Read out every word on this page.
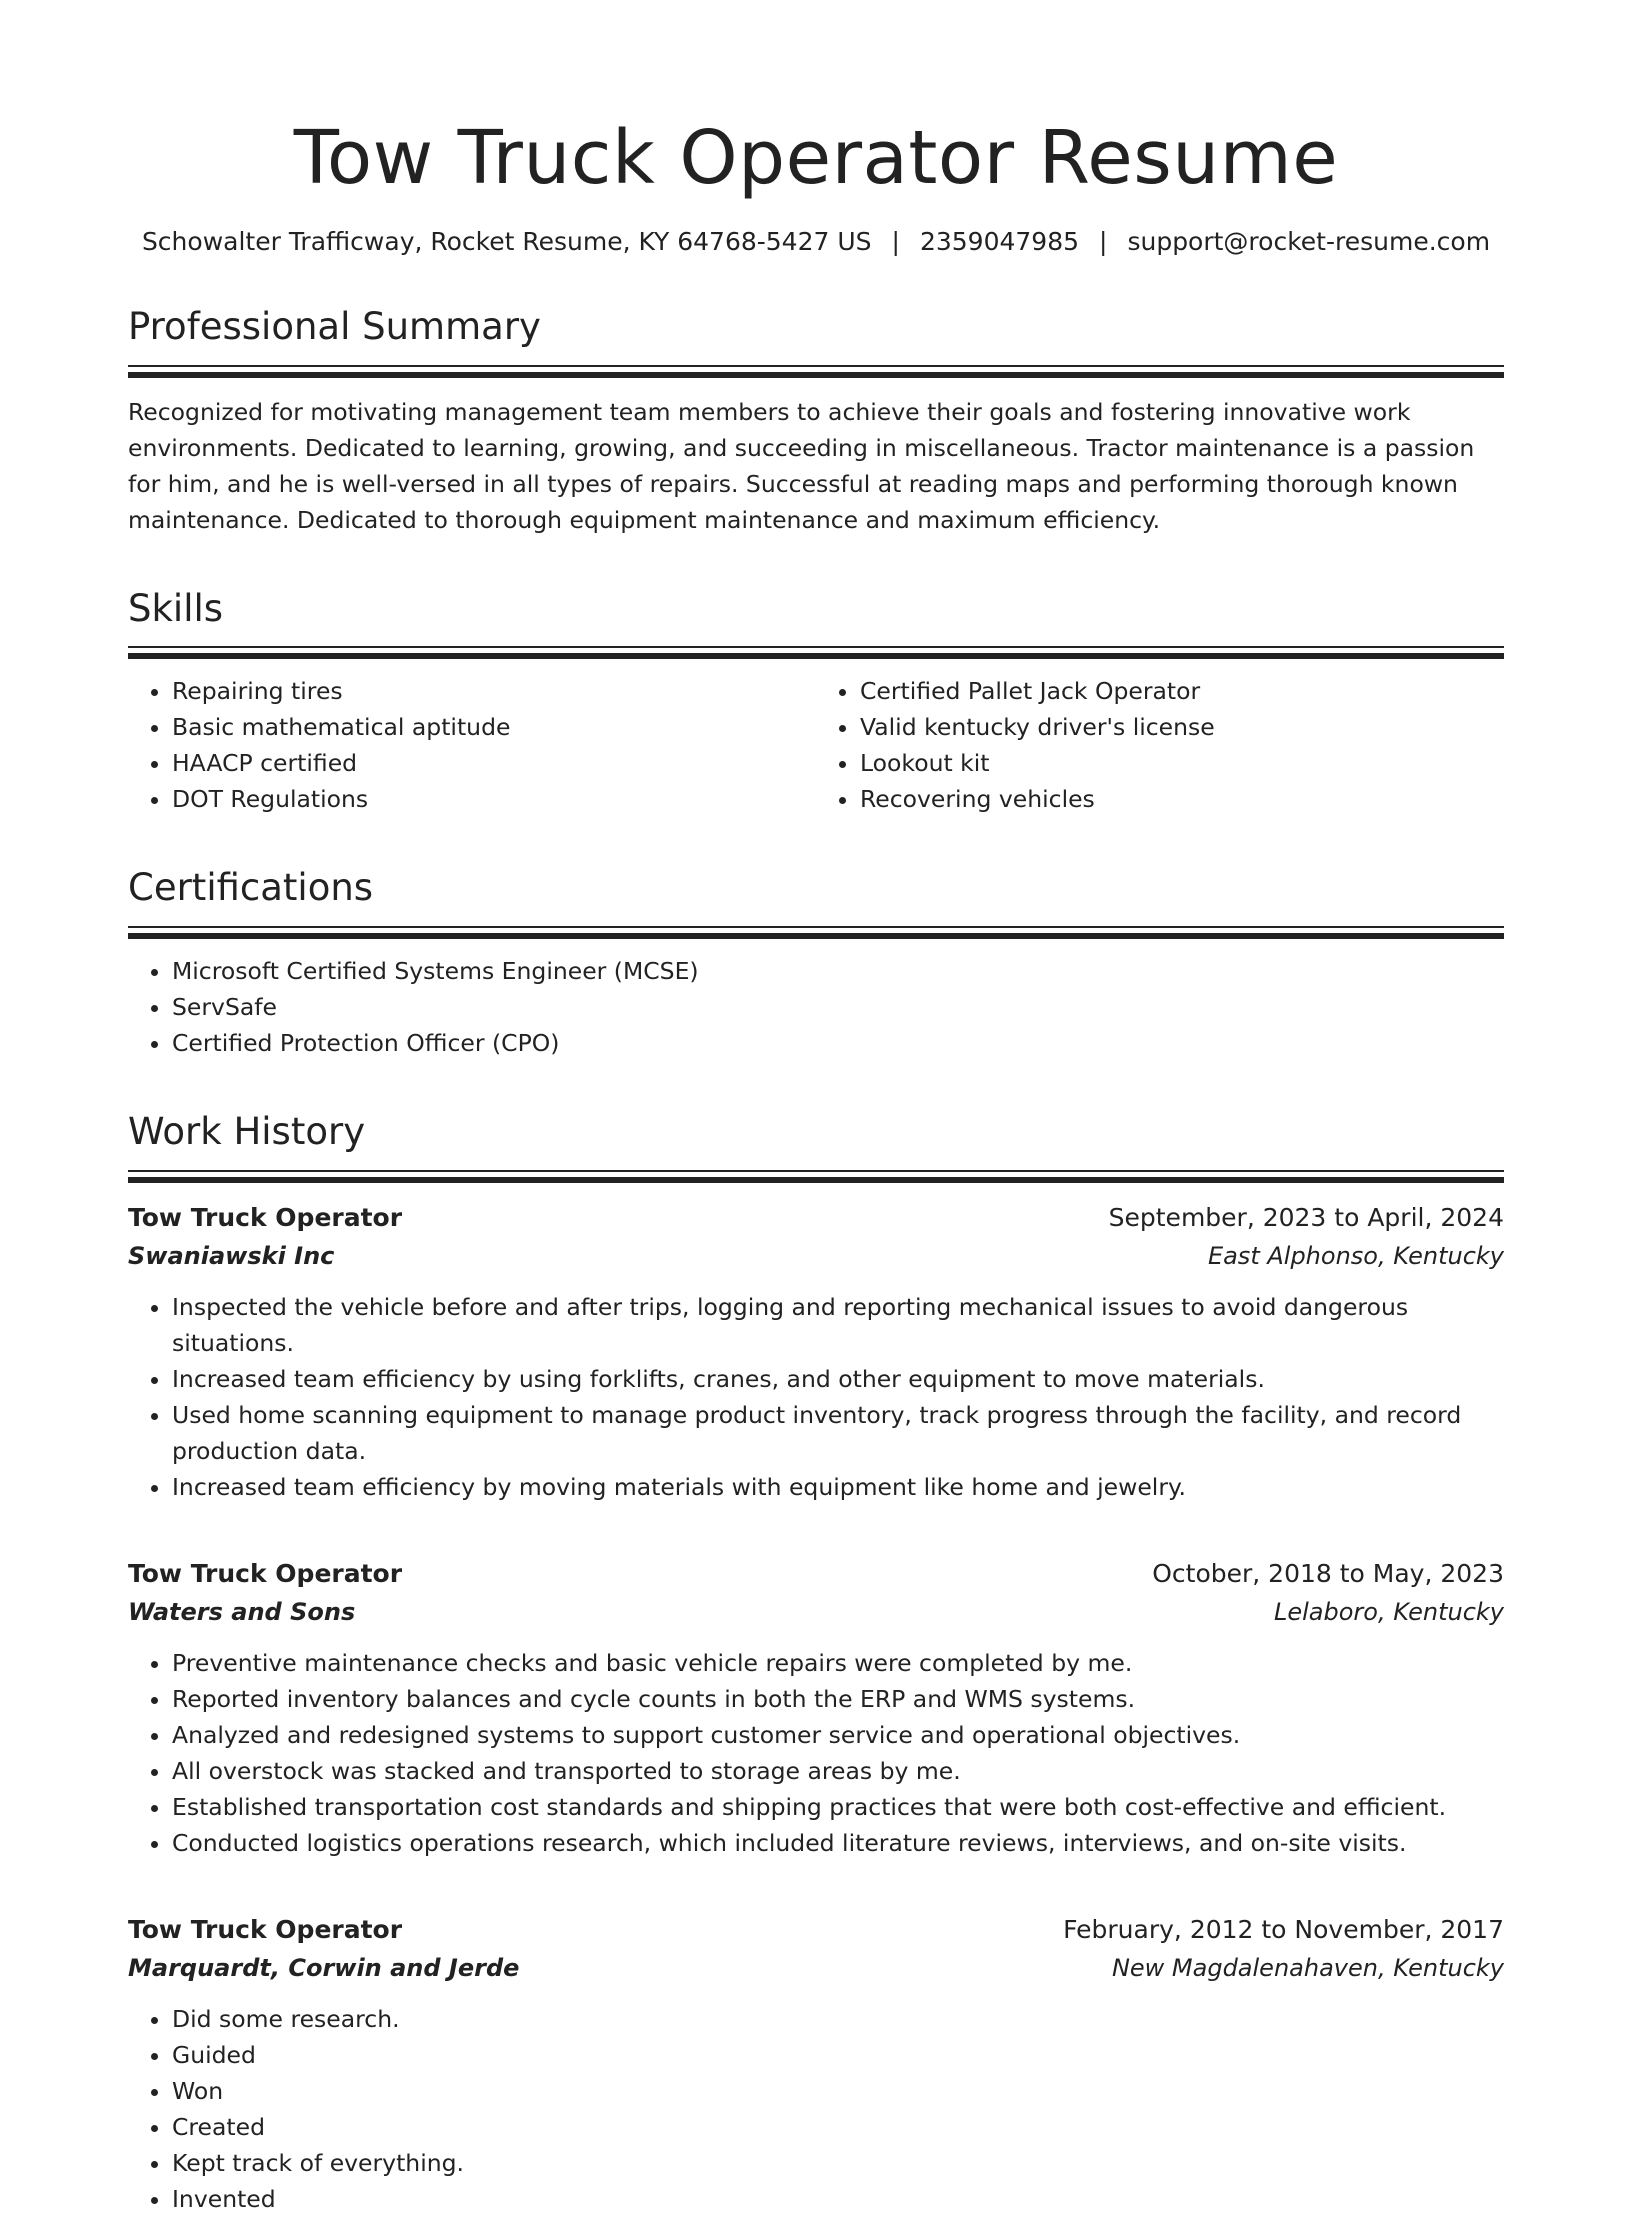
Tow Truck Operator Resume
Schowalter Trafficway, Rocket Resume, KY 64768-5427 US | 2359047985 | support@rocket-resume.com
Professional Summary
Recognized for motivating management team members to achieve their goals and fostering innovative work environments. Dedicated to learning, growing, and succeeding in miscellaneous. Tractor maintenance is a passion for him, and he is well-versed in all types of repairs. Successful at reading maps and performing thorough known maintenance. Dedicated to thorough equipment maintenance and maximum efficiency.
Skills
• Repairing tires
• Basic mathematical aptitude
• HAACP certified
• DOT Regulations
• Certified Pallet Jack Operator
• Valid kentucky driver's license
• Lookout kit
• Recovering vehicles
Certifications
• Microsoft Certified Systems Engineer (MCSE)
• ServSafe
• Certified Protection Officer (CPO)
Work History
Tow Truck Operator	September, 2023 to April, 2024
Swaniawski Inc	East Alphonso, Kentucky
• Inspected the vehicle before and after trips, logging and reporting mechanical issues to avoid dangerous situations.
• Increased team efficiency by using forklifts, cranes, and other equipment to move materials.
• Used home scanning equipment to manage product inventory, track progress through the facility, and record production data.
• Increased team efficiency by moving materials with equipment like home and jewelry.
Tow Truck Operator	October, 2018 to May, 2023
Waters and Sons	Lelaboro, Kentucky
• Preventive maintenance checks and basic vehicle repairs were completed by me.
• Reported inventory balances and cycle counts in both the ERP and WMS systems.
• Analyzed and redesigned systems to support customer service and operational objectives.
• All overstock was stacked and transported to storage areas by me.
• Established transportation cost standards and shipping practices that were both cost-effective and efficient.
• Conducted logistics operations research, which included literature reviews, interviews, and on-site visits.
Tow Truck Operator	February, 2012 to November, 2017
Marquardt, Corwin and Jerde	New Magdalenahaven, Kentucky
• Did some research.
• Guided
• Won
• Created
• Kept track of everything.
• Invented
